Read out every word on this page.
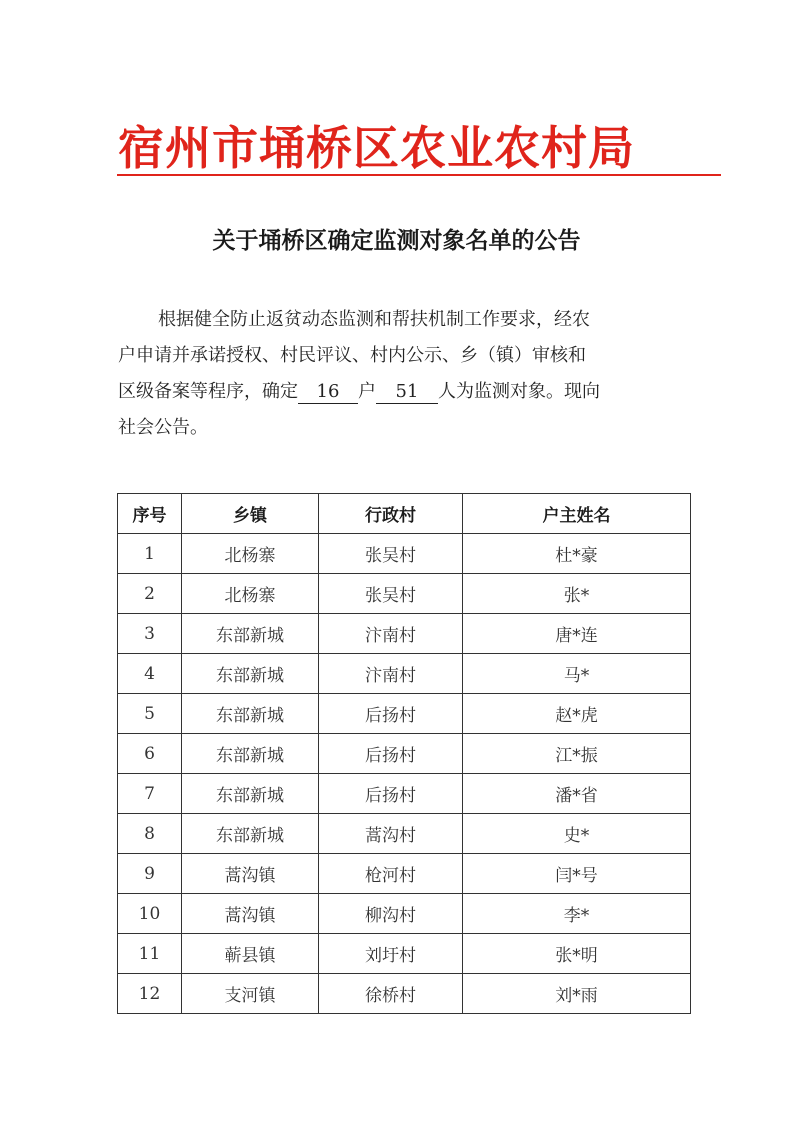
宿州市埇桥区农业农村局
关于埇桥区确定监测对象名单的公告

根据健全防止返贫动态监测和帮扶机制工作要求，经农

户申请并承诺授权、村民评议、村内公示、乡（镇）审核和

区级备案等程序，确定 16 户 51 人为监测对象。现向

社会公告。

序号	乡镇	行政村	户主姓名
1	北杨寨	张吴村	杜*豪
2	北杨寨	张吴村	张*
3	东部新城	汴南村	唐*连
4	东部新城	汴南村	马*
5	东部新城	后扬村	赵*虎
6	东部新城	后扬村	江*振
7	东部新城	后扬村	潘*省
8	东部新城	蒿沟村	史*
9	蒿沟镇	枪河村	闫*号
10	蒿沟镇	柳沟村	李*
11	蕲县镇	刘圩村	张*明
12	支河镇	徐桥村	刘*雨
